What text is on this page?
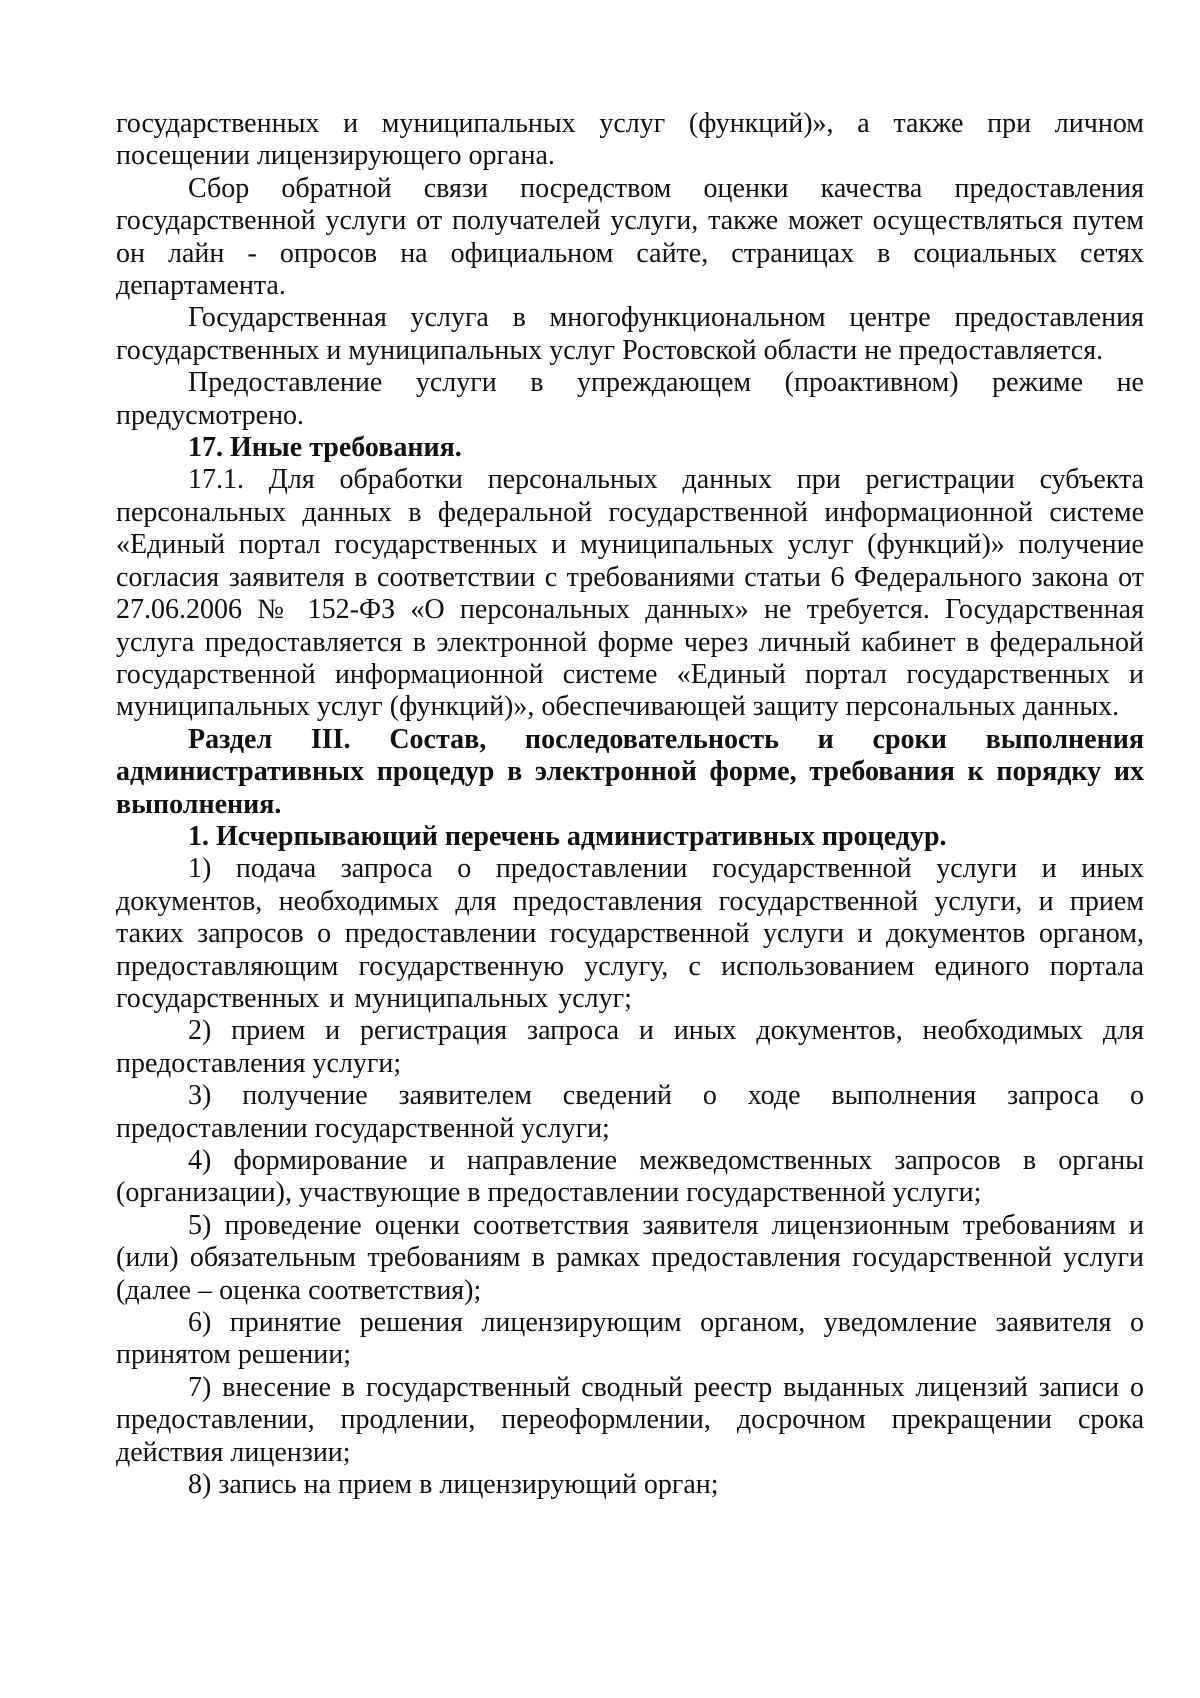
государственных и муниципальных услуг (функций)», а также при личном посещении лицензирующего органа.

Сбор обратной связи посредством оценки качества предоставления государственной услуги от получателей услуги, также может осуществляться путем он лайн - опросов на официальном сайте, страницах в социальных сетях департамента.

Государственная услуга в многофункциональном центре предоставления государственных и муниципальных услуг Ростовской области не предоставляется.

Предоставление услуги в упреждающем (проактивном) режиме не предусмотрено.

17. Иные требования.

17.1. Для обработки персональных данных при регистрации субъекта персональных данных в федеральной государственной информационной системе «Единый портал государственных и муниципальных услуг (функций)» получение согласия заявителя в соответствии с требованиями статьи 6 Федерального закона от 27.06.2006 № 152-ФЗ «О персональных данных» не требуется. Государственная услуга предоставляется в электронной форме через личный кабинет в федеральной государственной информационной системе «Единый портал государственных и муниципальных услуг (функций)», обеспечивающей защиту персональных данных.

Раздел III. Состав, последовательность и сроки выполнения административных процедур в электронной форме, требования к порядку их выполнения.

1. Исчерпывающий перечень административных процедур.

1) подача запроса о предоставлении государственной услуги и иных документов, необходимых для предоставления государственной услуги, и прием таких запросов о предоставлении государственной услуги и документов органом, предоставляющим государственную услугу, с использованием единого портала государственных и муниципальных услуг;

2) прием и регистрация запроса и иных документов, необходимых для предоставления услуги;

3) получение заявителем сведений о ходе выполнения запроса о предоставлении государственной услуги;

4) формирование и направление межведомственных запросов в органы (организации), участвующие в предоставлении государственной услуги;

5) проведение оценки соответствия заявителя лицензионным требованиям и (или) обязательным требованиям в рамках предоставления государственной услуги (далее – оценка соответствия);

6) принятие решения лицензирующим органом, уведомление заявителя о принятом решении;

7) внесение в государственный сводный реестр выданных лицензий записи о предоставлении, продлении, переоформлении, досрочном прекращении срока действия лицензии;

8) запись на прием в лицензирующий орган;
